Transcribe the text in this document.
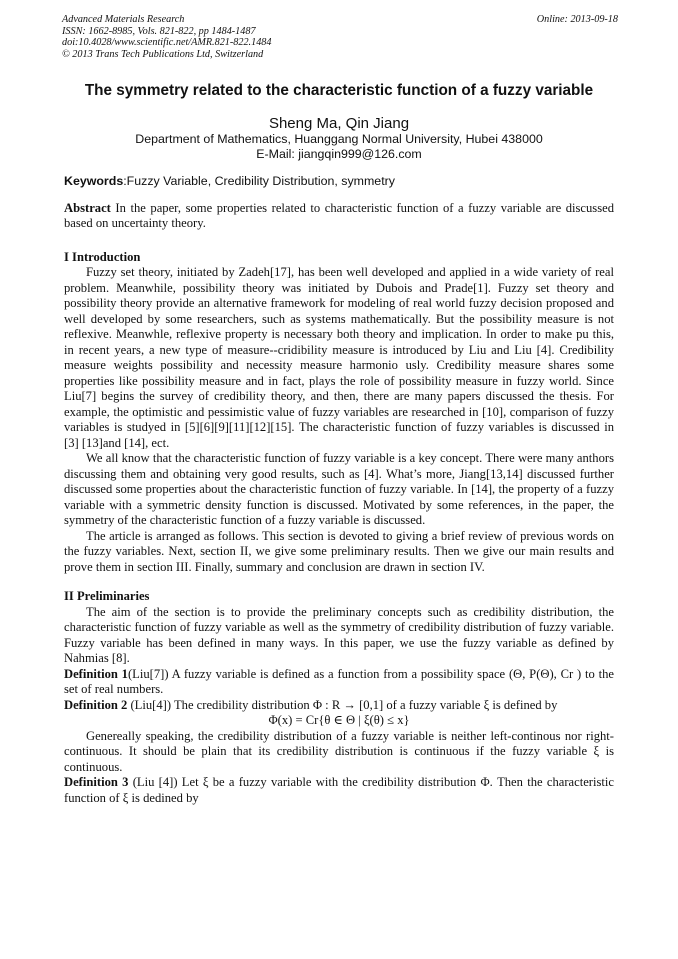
Advanced Materials Research
ISSN: 1662-8985, Vols. 821-822, pp 1484-1487
doi:10.4028/www.scientific.net/AMR.821-822.1484
© 2013 Trans Tech Publications Ltd, Switzerland
Online: 2013-09-18
The symmetry related to the characteristic function of a fuzzy variable
Sheng Ma, Qin Jiang
Department of Mathematics, Huanggang Normal University, Hubei 438000
E-Mail: jiangqin999@126.com

Keywords:Fuzzy Variable, Credibility Distribution, symmetry

Abstract In the paper, some properties related to characteristic function of a fuzzy variable are discussed based on uncertainty theory.

I Introduction

Fuzzy set theory, initiated by Zadeh[17], has been well developed and applied in a wide variety of real problem. Meanwhile, possibility theory was initiated by Dubois and Prade[1]. Fuzzy set theory and possibility theory provide an alternative framework for modeling of real world fuzzy decision proposed and well developed by some researchers, such as systems mathematically. But the possibility measure is not reflexive. Meanwhle, reflexive property is necessary both theory and implication. In order to make pu this, in recent years, a new type of measure--cridibility measure is introduced by Liu and Liu [4]. Credibility measure weights possibility and necessity measure harmonio usly. Credibility measure shares some properties like possibility measure and in fact, plays the role of possibility measure in fuzzy world. Since Liu[7] begins the survey of credibility theory, and then, there are many papers discussed the thesis. For example, the optimistic and pessimistic value of fuzzy variables are researched in [10], comparison of fuzzy variables is studyed in [5][6][9][11][12][15]. The characteristic function of fuzzy variables is discussed in [3] [13]and [14], ect.

We all know that the characteristic function of fuzzy variable is a key concept. There were many anthors discussing them and obtaining very good results, such as [4]. What’s more, Jiang[13,14] discussed further discussed some properties about the characteristic function of fuzzy variable. In [14], the property of a fuzzy variable with a symmetric density function is discussed. Motivated by some references, in the paper, the symmetry of the characteristic function of a fuzzy variable is discussed.

The article is arranged as follows. This section is devoted to giving a brief review of previous words on the fuzzy variables. Next, section II, we give some preliminary results. Then we give our main results and prove them in section III. Finally, summary and conclusion are drawn in section IV.

II Preliminaries

The aim of the section is to provide the preliminary concepts such as credibility distribution, the characteristic function of fuzzy variable as well as the symmetry of credibility distribution of fuzzy variable. Fuzzy variable has been defined in many ways. In this paper, we use the fuzzy variable as defined by Nahmias [8].

Definition 1(Liu[7]) A fuzzy variable is defined as a function from a possibility space (Θ, P(Θ), Cr ) to the set of real numbers.

Definition 2 (Liu[4]) The credibility distribution Φ : R → [0,1] of a fuzzy variable ξ is defined by

Φ(x) = Cr{θ ∈ Θ | ξ(θ) ≤ x}

Genereally speaking, the credibility distribution of a fuzzy variable is neither left-continous nor right-continuous. It should be plain that its credibility distribution is continuous if the fuzzy variable ξ is continuous.

Definition 3 (Liu [4]) Let ξ be a fuzzy variable with the credibility distribution Φ. Then the characteristic function of ξ is dedined by
